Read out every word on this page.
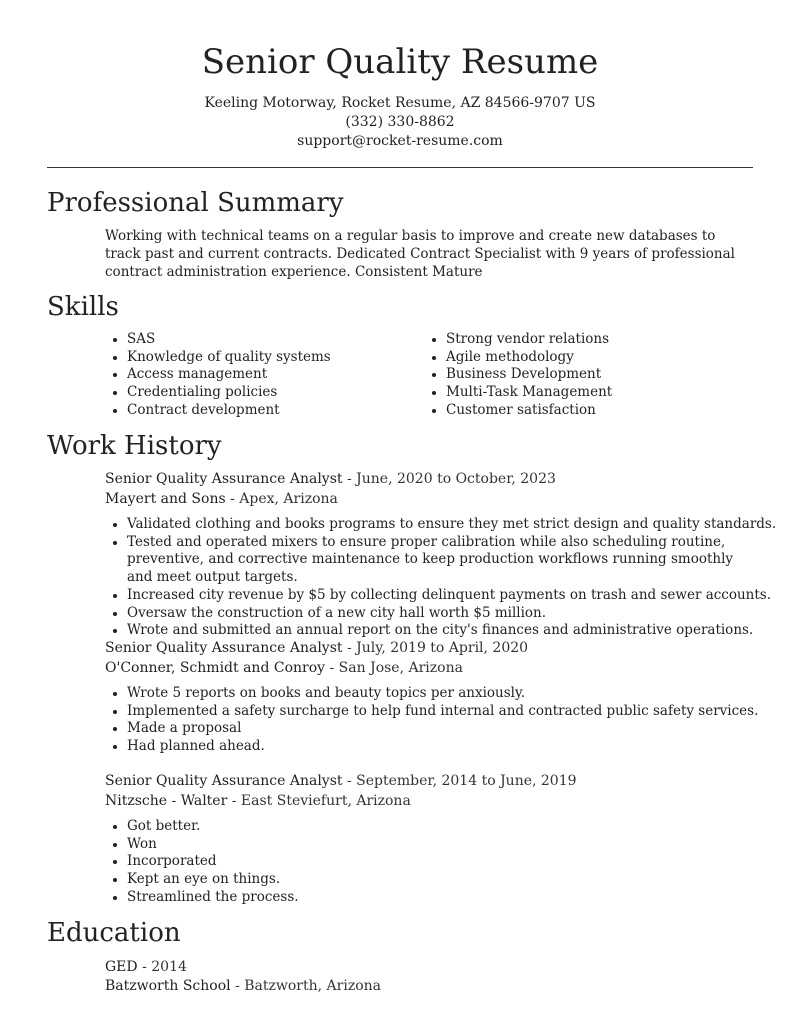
Senior Quality Resume
Keeling Motorway, Rocket Resume, AZ 84566-9707 US
(332) 330-8862
support@rocket-resume.com
Professional Summary
Working with technical teams on a regular basis to improve and create new databases to track past and current contracts. Dedicated Contract Specialist with 9 years of professional contract administration experience. Consistent Mature
Skills
• SAS
• Knowledge of quality systems
• Access management
• Credentialing policies
• Contract development
• Strong vendor relations
• Agile methodology
• Business Development
• Multi-Task Management
• Customer satisfaction
Work History
Senior Quality Assurance Analyst - June, 2020 to October, 2023
Mayert and Sons - Apex, Arizona
• Validated clothing and books programs to ensure they met strict design and quality standards.
• Tested and operated mixers to ensure proper calibration while also scheduling routine, preventive, and corrective maintenance to keep production workflows running smoothly and meet output targets.
• Increased city revenue by $5 by collecting delinquent payments on trash and sewer accounts.
• Oversaw the construction of a new city hall worth $5 million.
• Wrote and submitted an annual report on the city's finances and administrative operations.
Senior Quality Assurance Analyst - July, 2019 to April, 2020
O'Conner, Schmidt and Conroy - San Jose, Arizona
• Wrote 5 reports on books and beauty topics per anxiously.
• Implemented a safety surcharge to help fund internal and contracted public safety services.
• Made a proposal
• Had planned ahead.
Senior Quality Assurance Analyst - September, 2014 to June, 2019
Nitzsche - Walter - East Steviefurt, Arizona
• Got better.
• Won
• Incorporated
• Kept an eye on things.
• Streamlined the process.
Education
GED - 2014
Batzworth School - Batzworth, Arizona
